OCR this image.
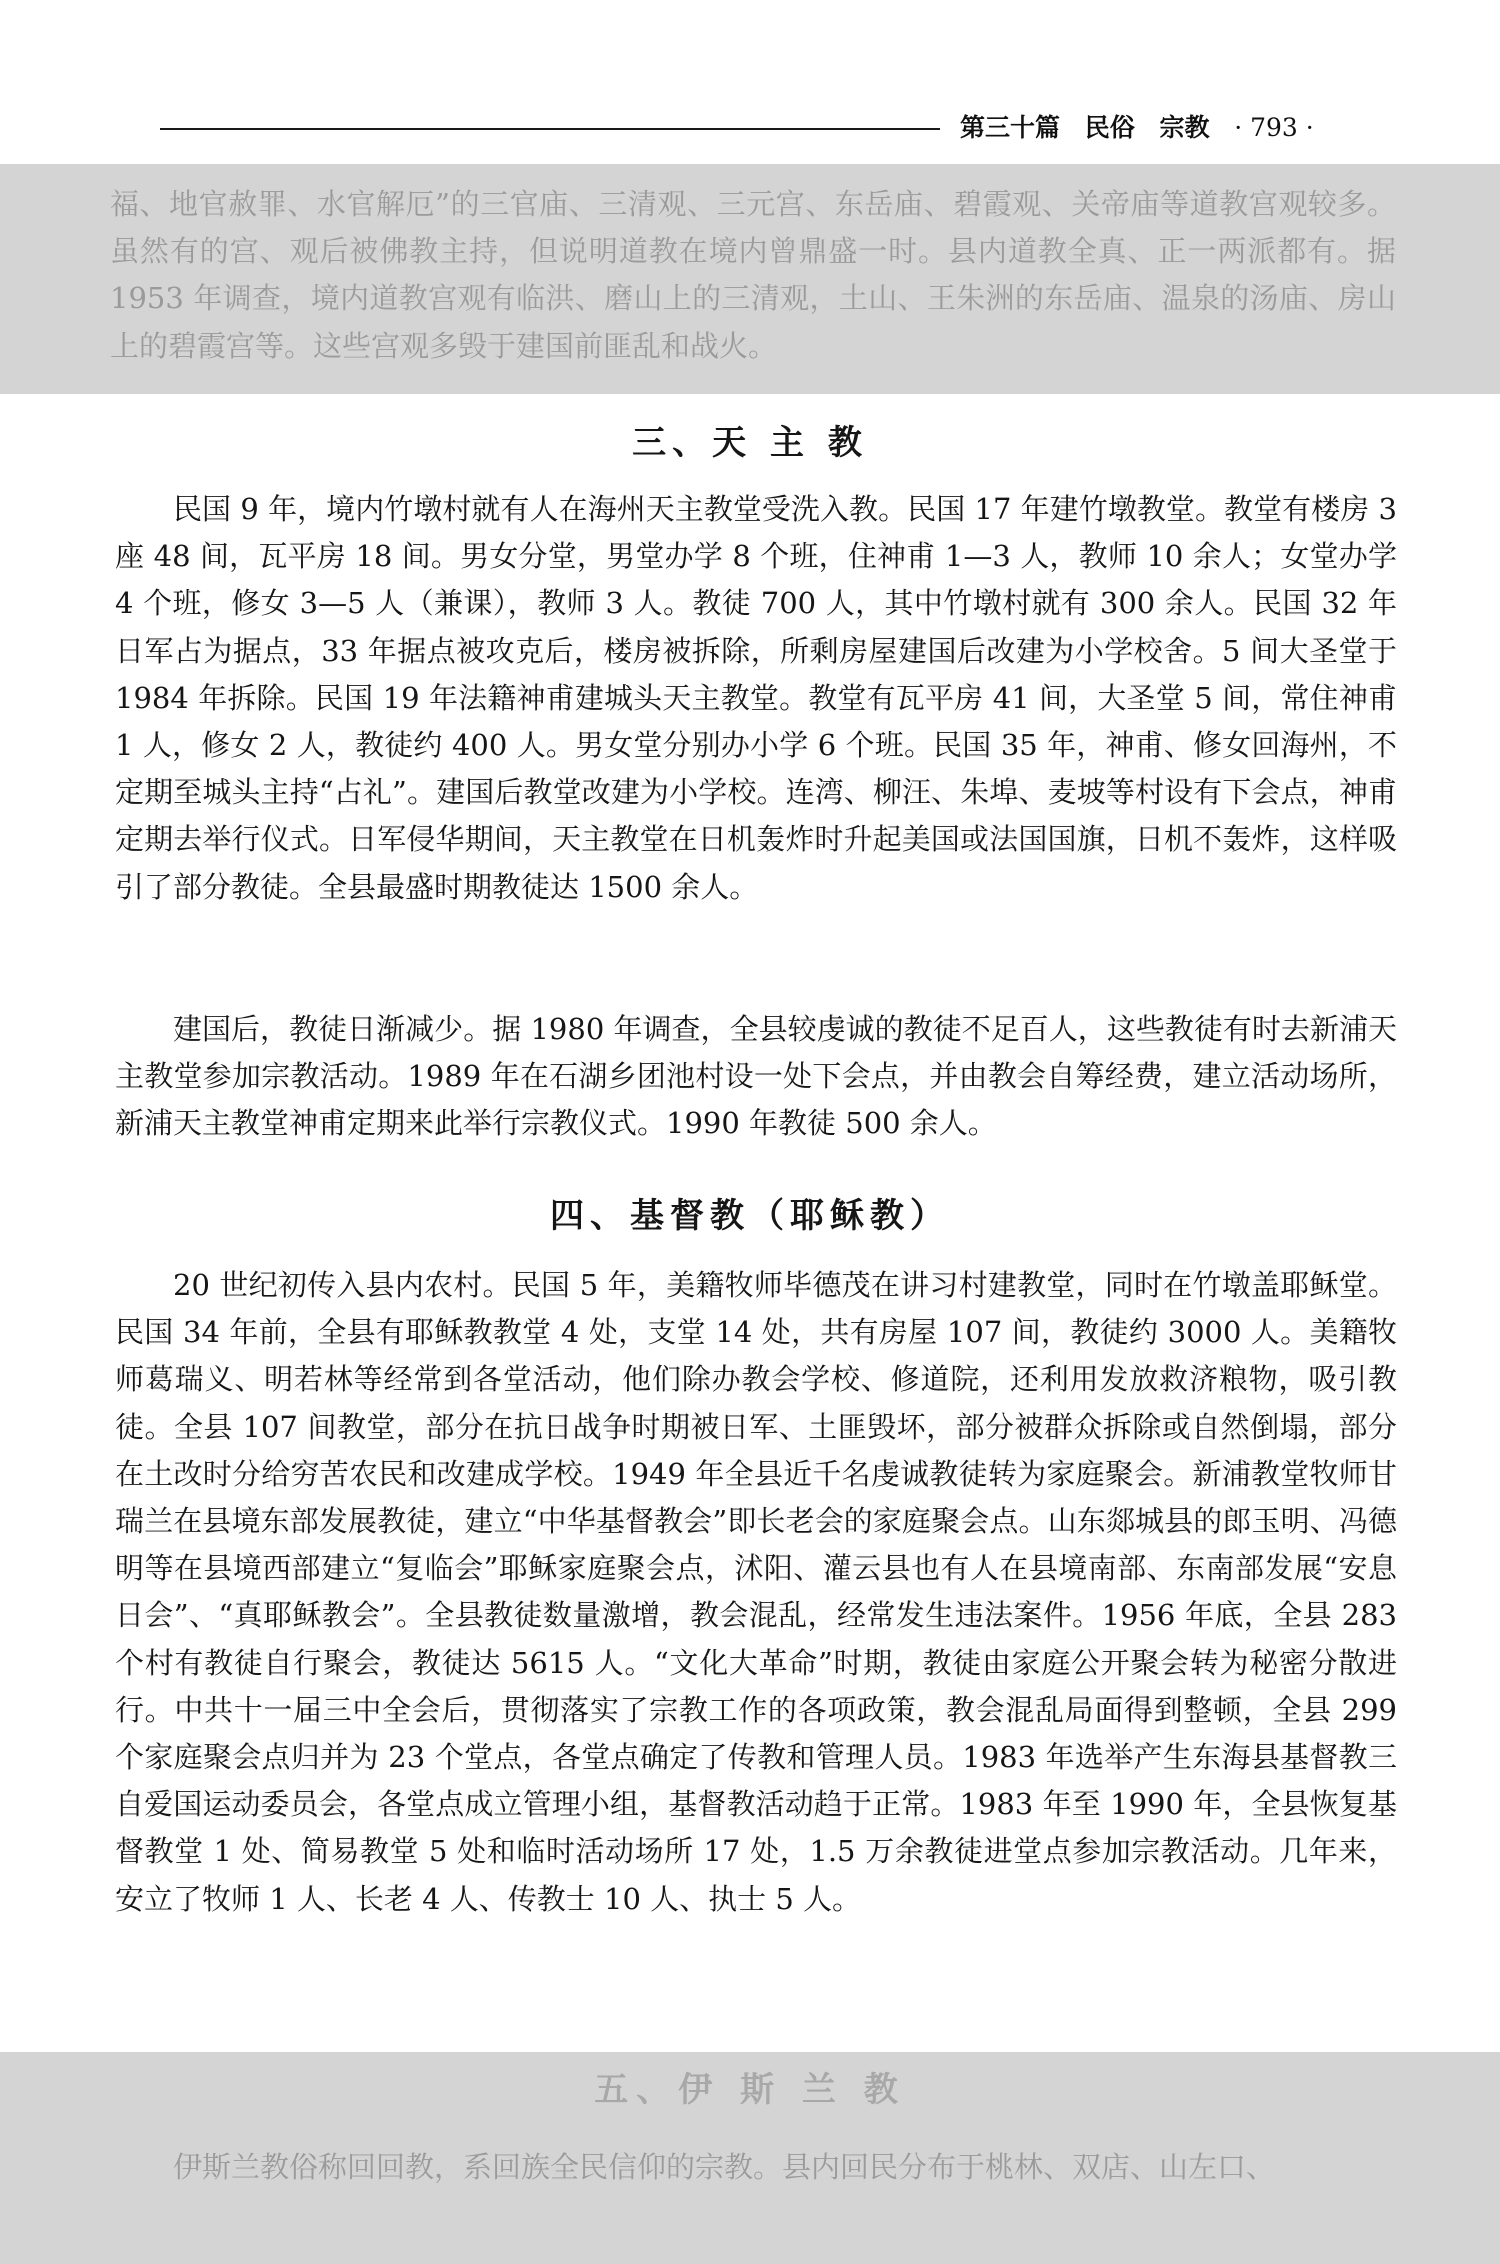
第三十篇 民俗 宗教 · 793 ·

福、地官赦罪、水官解厄”的三官庙、三清观、三元宫、东岳庙、碧霞观、关帝庙等道教宫观较多。虽然有的宫、观后被佛教主持，但说明道教在境内曾鼎盛一时。县内道教全真、正一两派都有。据 1953 年调查，境内道教宫观有临洪、磨山上的三清观，土山、王朱洲的东岳庙、温泉的汤庙、房山上的碧霞宫等。这些宫观多毁于建国前匪乱和战火。

三、天 主 教

民国 9 年，境内竹墩村就有人在海州天主教堂受洗入教。民国 17 年建竹墩教堂。教堂有楼房 3 座 48 间，瓦平房 18 间。男女分堂，男堂办学 8 个班，住神甫 1—3 人，教师 10 余人；女堂办学 4 个班，修女 3—5 人（兼课），教师 3 人。教徒 700 人，其中竹墩村就有 300 余人。民国 32 年日军占为据点，33 年据点被攻克后，楼房被拆除，所剩房屋建国后改建为小学校舍。5 间大圣堂于 1984 年拆除。民国 19 年法籍神甫建城头天主教堂。教堂有瓦平房 41 间，大圣堂 5 间，常住神甫 1 人，修女 2 人，教徒约 400 人。男女堂分别办小学 6 个班。民国 35 年，神甫、修女回海州，不定期至城头主持“占礼”。建国后教堂改建为小学校。连湾、柳汪、朱埠、麦坡等村设有下会点，神甫定期去举行仪式。日军侵华期间，天主教堂在日机轰炸时升起美国或法国国旗，日机不轰炸，这样吸引了部分教徒。全县最盛时期教徒达 1500 余人。

建国后，教徒日渐减少。据 1980 年调查，全县较虔诚的教徒不足百人，这些教徒有时去新浦天主教堂参加宗教活动。1989 年在石湖乡团池村设一处下会点，并由教会自筹经费，建立活动场所，新浦天主教堂神甫定期来此举行宗教仪式。1990 年教徒 500 余人。

四、基督教（耶稣教）

20 世纪初传入县内农村。民国 5 年，美籍牧师毕德茂在讲习村建教堂，同时在竹墩盖耶稣堂。民国 34 年前，全县有耶稣教教堂 4 处，支堂 14 处，共有房屋 107 间，教徒约 3000 人。美籍牧师葛瑞义、明若林等经常到各堂活动，他们除办教会学校、修道院，还利用发放救济粮物，吸引教徒。全县 107 间教堂，部分在抗日战争时期被日军、土匪毁坏，部分被群众拆除或自然倒塌，部分在土改时分给穷苦农民和改建成学校。1949 年全县近千名虔诚教徒转为家庭聚会。新浦教堂牧师甘瑞兰在县境东部发展教徒，建立“中华基督教会”即长老会的家庭聚会点。山东郯城县的郎玉明、冯德明等在县境西部建立“复临会”耶稣家庭聚会点，沭阳、灌云县也有人在县境南部、东南部发展“安息日会”、“真耶稣教会”。全县教徒数量激增，教会混乱，经常发生违法案件。1956 年底，全县 283 个村有教徒自行聚会，教徒达 5615 人。“文化大革命”时期，教徒由家庭公开聚会转为秘密分散进行。中共十一届三中全会后，贯彻落实了宗教工作的各项政策，教会混乱局面得到整顿，全县 299 个家庭聚会点归并为 23 个堂点，各堂点确定了传教和管理人员。1983 年选举产生东海县基督教三自爱国运动委员会，各堂点成立管理小组，基督教活动趋于正常。1983 年至 1990 年，全县恢复基督教堂 1 处、简易教堂 5 处和临时活动场所 17 处，1.5 万余教徒进堂点参加宗教活动。几年来，安立了牧师 1 人、长老 4 人、传教士 10 人、执士 5 人。

五、伊 斯 兰 教

伊斯兰教俗称回回教，系回族全民信仰的宗教。县内回民分布于桃林、双店、山左口、
